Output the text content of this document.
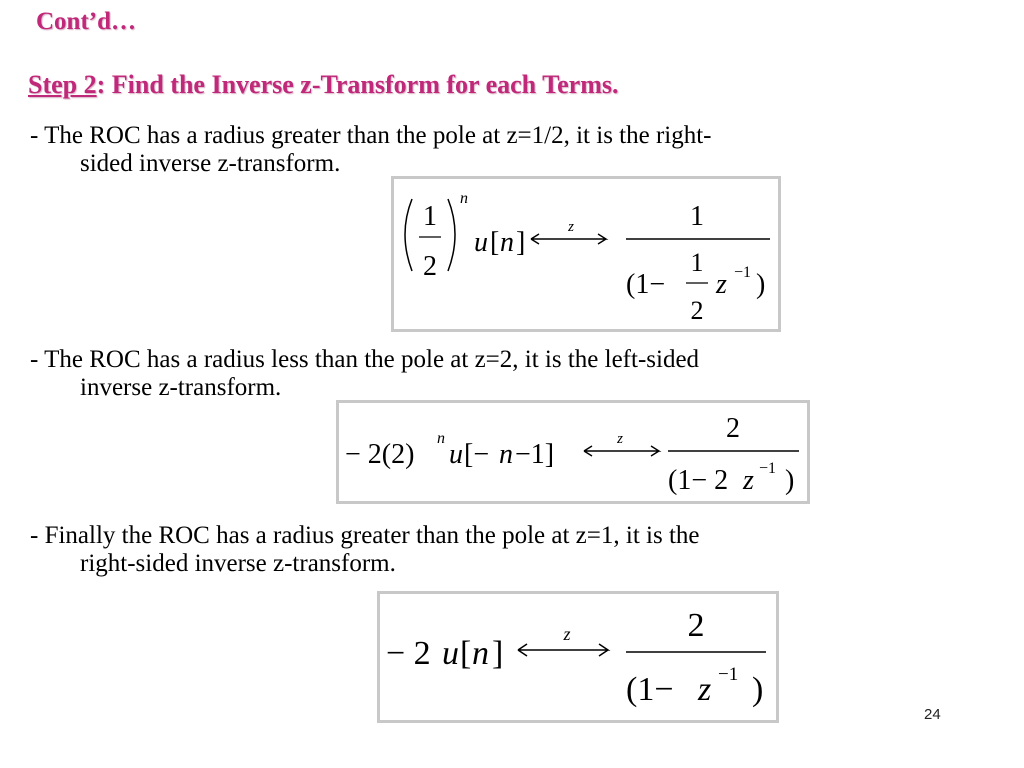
Cont’d…
Step 2: Find the Inverse z-Transform for each Terms.
- The ROC has a radius greater than the pole at z=1/2, it is the right-
sided inverse z-transform.
1
2
n
u [ n ]	z	1
(1−
1
2
z −1 )
- The ROC has a radius less than the pole at z=2, it is the left-sided
inverse z-transform.
− 2(2)
n
u [− n −1]	z	2
(1− 2 z −1 )
- Finally the ROC has a radius greater than the pole at z=1, it is the
right-sided inverse z-transform.
− 2 u [ n ]
z	2
(1− z −1 )
24
